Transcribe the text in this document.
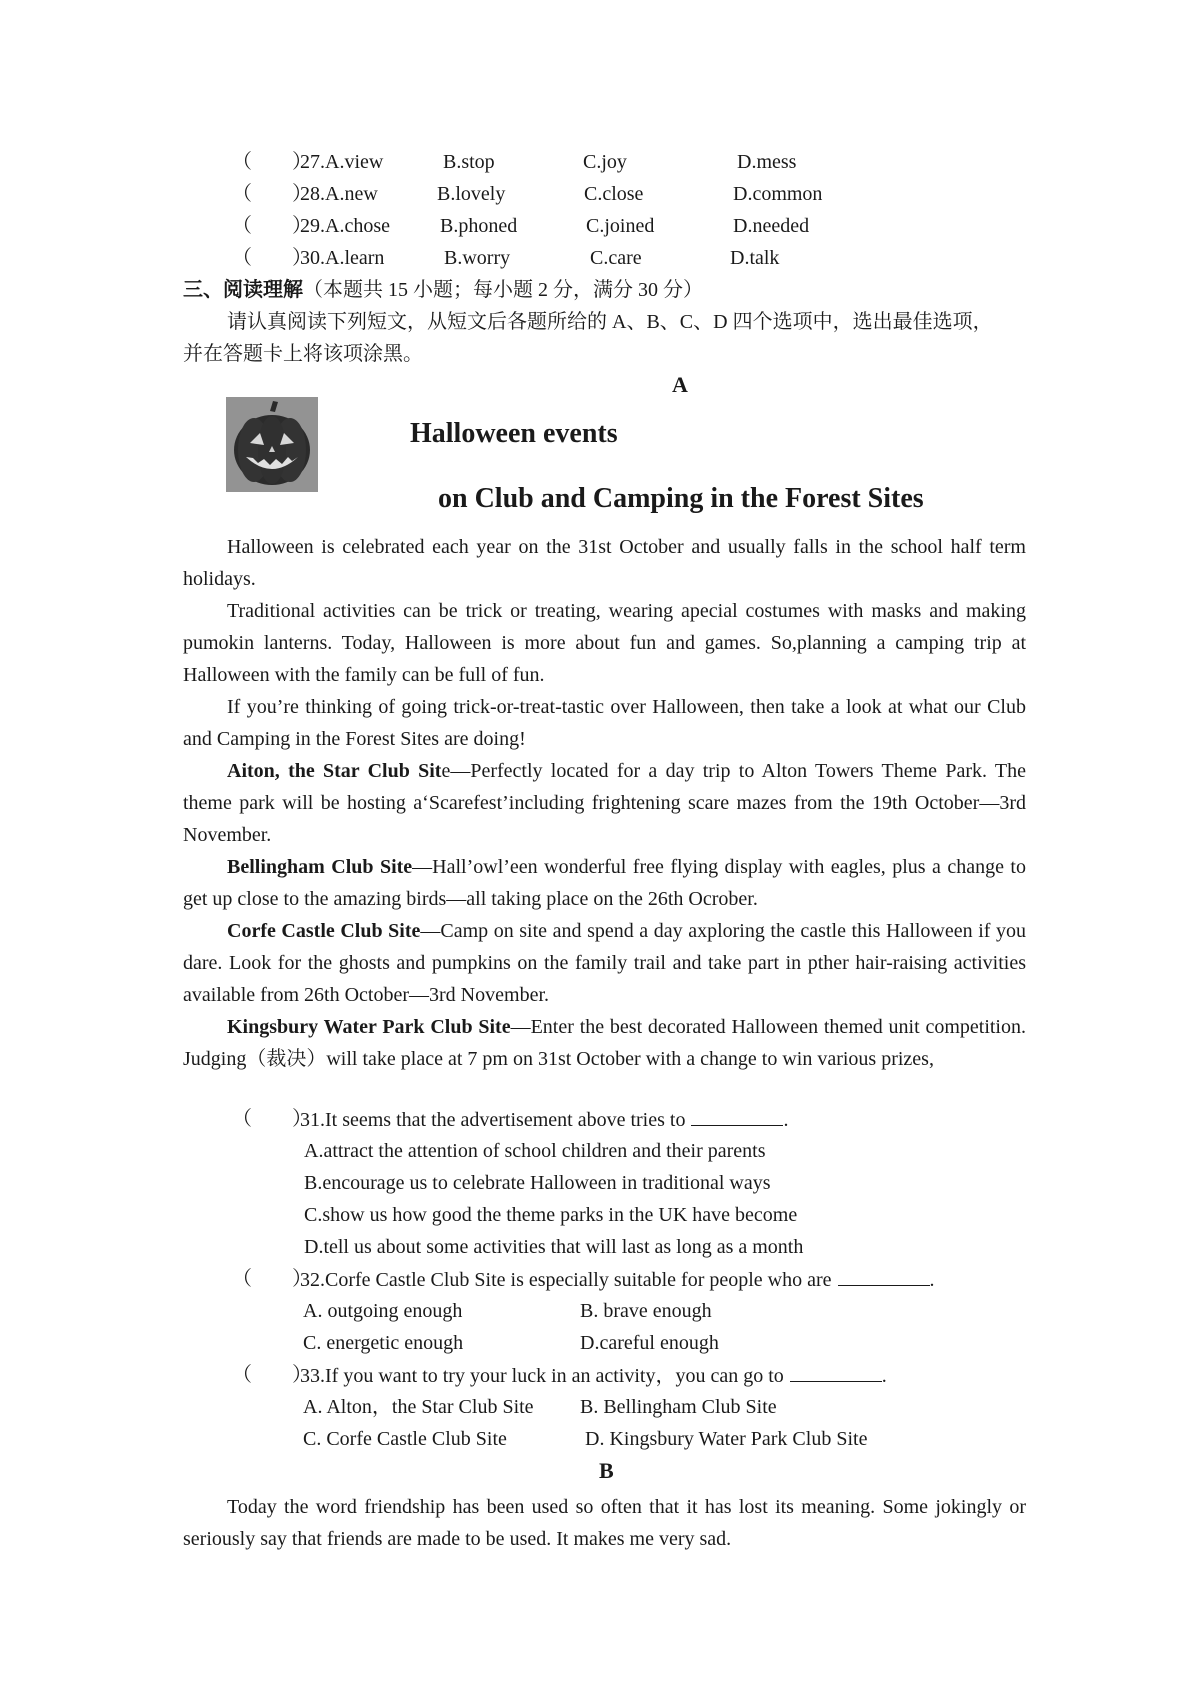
（　　）
27.A.view	B.stop	C.joy	D.mess
（　　）
28.A.new	B.lovely	C.close	D.common
（　　）
29.A.chose	B.phoned	C.joined	D.needed
（　　）
30.A.learn	B.worry	C.care	D.talk
三、阅读理解（本题共 15 小题；每小题 2 分，满分 30 分）
请认真阅读下列短文，从短文后各题所给的 A、B、C、D 四个选项中，选出最佳选项，
并在答题卡上将该项涂黑。
A
Halloween events
on Club and Camping in the Forest Sites
Halloween is celebrated each year on the 31st October and usually falls in the school half term holidays.
Traditional activities can be trick or treating, wearing apecial costumes with masks and making pumokin lanterns. Today, Halloween is more about fun and games. So,planning a camping trip at Halloween with the family can be full of fun.
If you’re thinking of going trick-or-treat-tastic over Halloween, then take a look at what our Club and Camping in the Forest Sites are doing!
Aiton, the Star Club Site—Perfectly located for a day trip to Alton Towers Theme Park. The theme park will be hosting a‘Scarefest’including frightening scare mazes from the 19th October—3rd November.
Bellingham Club Site—Hall’owl’een wonderful free flying display with eagles, plus a change to get up close to the amazing birds—all taking place on the 26th Ocrober.
Corfe Castle Club Site—Camp on site and spend a day axploring the castle this Halloween if you dare. Look for the ghosts and pumpkins on the family trail and take part in pther hair-raising activities available from 26th October—3rd November.
Kingsbury Water Park Club Site—Enter the best decorated Halloween themed unit competition. Judging（裁决）will take place at 7 pm on 31st October with a change to win various prizes,
（　　）
31.It seems that the advertisement above tries to	.
A.attract the attention of school children and their parents
B.encourage us to celebrate Halloween in traditional ways
C.show us how good the theme parks in the UK have become
D.tell us about some activities that will last as long as a month
（　　）
32.Corfe Castle Club Site is especially suitable for people who are	.
A. outgoing enough	B. brave enough
C. energetic enough	D.careful enough
（　　）
33.If you want to try your luck in an activity，you can go to	.
A. Alton，the Star Club Site B. Bellingham Club Site
C. Corfe Castle Club Site	D. Kingsbury Water Park Club Site
B
Today the word friendship has been used so often that it has lost its meaning. Some jokingly or seriously say that friends are made to be used. It makes me very sad.
